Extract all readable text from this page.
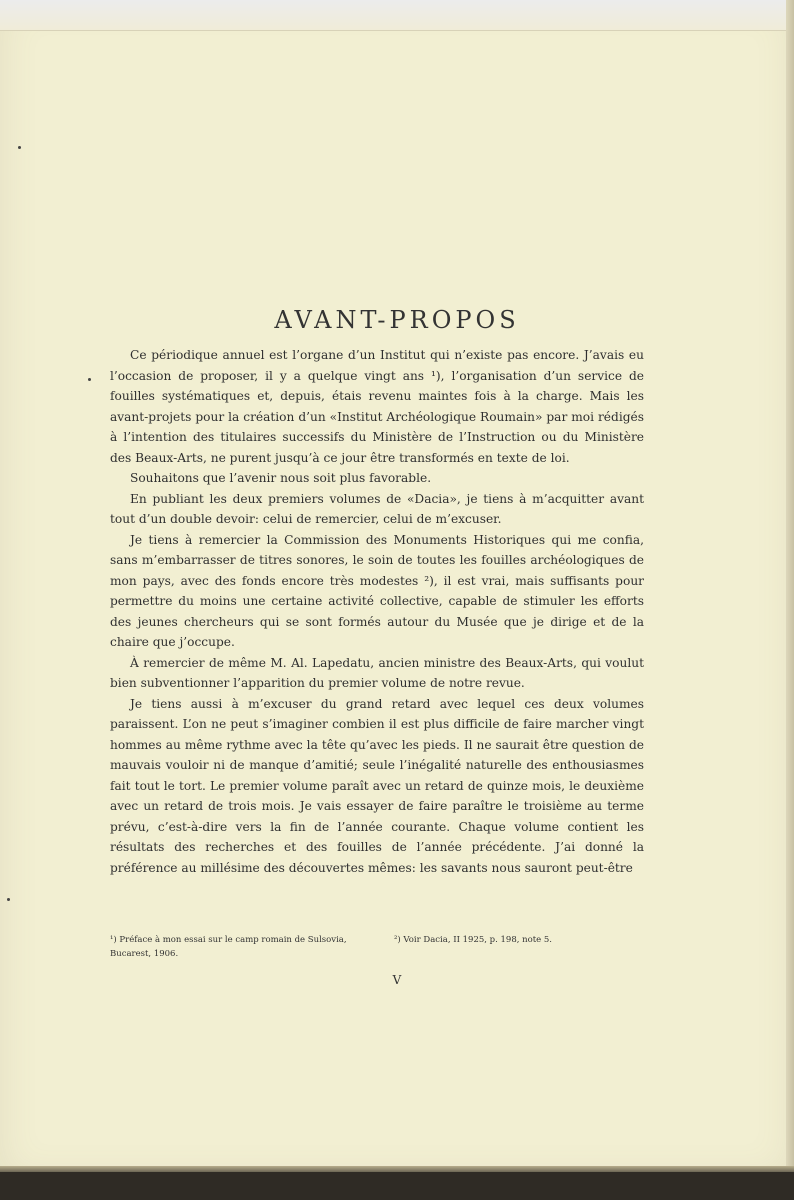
AVANT-PROPOS

Ce périodique annuel est l’organe d’un Institut qui n’existe pas encore. J’avais eu l’occasion de proposer, il y a quelque vingt ans ¹), l’organisation d’un service de fouilles systématiques et, depuis, étais revenu maintes fois à la charge. Mais les avant-projets pour la création d’un «Institut Archéologique Roumain» par moi rédigés à l’intention des titulaires successifs du Ministère de l’Instruction ou du Ministère des Beaux-Arts, ne purent jusqu’à ce jour être transformés en texte de loi.

Souhaitons que l’avenir nous soit plus favorable.

En publiant les deux premiers volumes de «Dacia», je tiens à m’acquitter avant tout d’un double devoir: celui de remercier, celui de m’excuser.

Je tiens à remercier la Commission des Monuments Historiques qui me confia, sans m’embarrasser de titres sonores, le soin de toutes les fouilles archéologiques de mon pays, avec des fonds encore très modestes ²), il est vrai, mais suffisants pour permettre du moins une certaine activité collective, capable de stimuler les efforts des jeunes chercheurs qui se sont formés autour du Musée que je dirige et de la chaire que j’occupe.

À remercier de même M. Al. Lapedatu, ancien ministre des Beaux-Arts, qui voulut bien subventionner l’apparition du premier volume de notre revue.

Je tiens aussi à m’excuser du grand retard avec lequel ces deux volumes paraissent. L’on ne peut s’imaginer combien il est plus difficile de faire marcher vingt hommes au même rythme avec la tête qu’avec les pieds. Il ne saurait être question de mauvais vouloir ni de manque d’amitié; seule l’inégalité naturelle des enthousiasmes fait tout le tort. Le premier volume paraît avec un retard de quinze mois, le deuxième avec un retard de trois mois. Je vais essayer de faire paraître le troisième au terme prévu, c’est-à-dire vers la fin de l’année courante. Chaque volume contient les résultats des recherches et des fouilles de l’année précédente. J’ai donné la préférence au millésime des découvertes mêmes: les savants nous sauront peut-être

¹) Préface à mon essai sur le camp romain de Sulsovia, Bucarest, 1906.
²) Voir Dacia, II 1925, p. 198, note 5.

V
